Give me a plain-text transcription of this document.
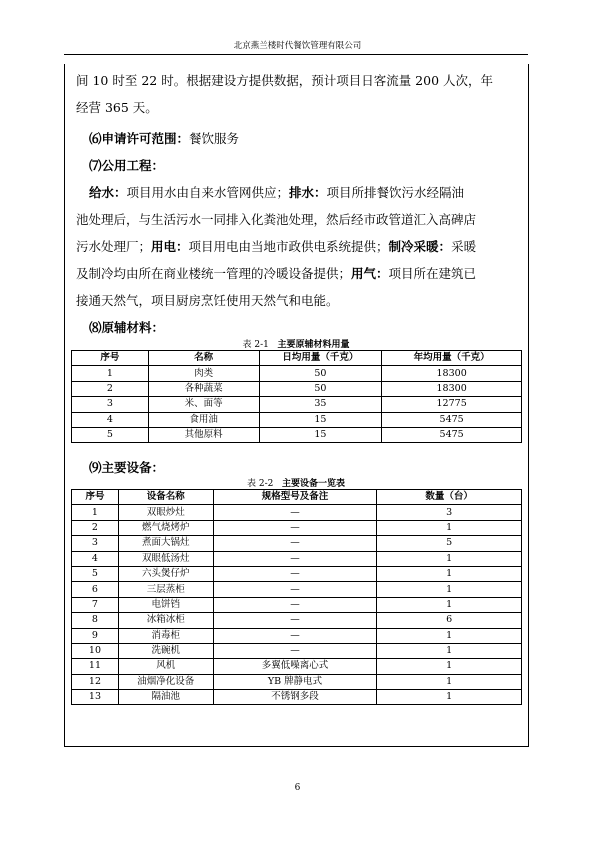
北京燕兰楼时代餐饮管理有限公司
间 10 时至 22 时。根据建设方提供数据，预计项目日客流量 200 人次，年
经营 365 天。
⑹申请许可范围：餐饮服务
⑺公用工程：
给水：项目用水由自来水管网供应；排水：项目所排餐饮污水经隔油
池处理后，与生活污水一同排入化粪池处理，然后经市政管道汇入高碑店
污水处理厂；用电：项目用电由当地市政供电系统提供；制冷采暖：采暖
及制冷均由所在商业楼统一管理的冷暖设备提供；用气：项目所在建筑已
接通天然气，项目厨房烹饪使用天然气和电能。
⑻原辅材料：
表 2-1 主要原辅材料用量
序号	名称	日均用量（千克）	年均用量（千克）
1	肉类	50	18300
2	各种蔬菜	50	18300
3	米、面等	35	12775
4	食用油	15	5475
5	其他原料	15	5475
⑼主要设备：
表 2-2 主要设备一览表
序号	设备名称	规格型号及备注	数量（台）
1	双眼炒灶	—	3
2	燃气烧烤炉	—	1
3	煮面大锅灶	—	5
4	双眼低汤灶	—	1
5	六头煲仔炉	—	1
6	三层蒸柜	—	1
7	电饼铛	—	1
8	冰箱冰柜	—	6
9	消毒柜	—	1
10	洗碗机	—	1
11	风机	多翼低噪离心式	1
12	油烟净化设备	YB 牌静电式	1
13	隔油池	不锈钢多段	1
6
